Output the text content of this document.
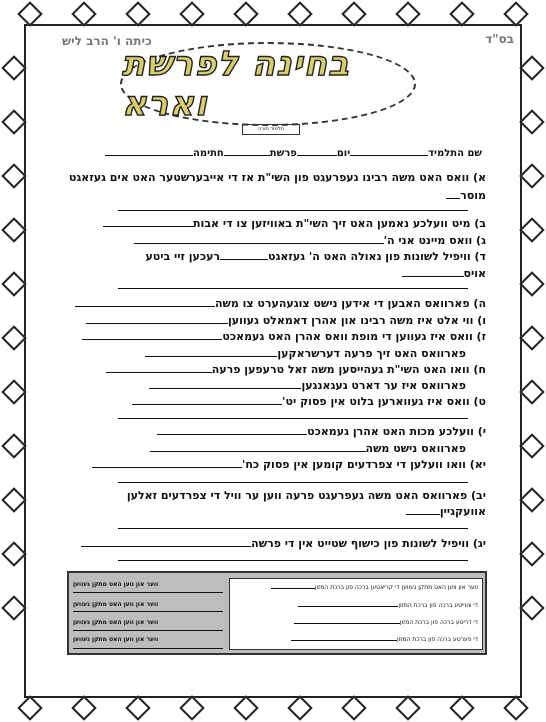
בס"ד
כיתה ו' הרב ליש
בחינה לפרשת וארא
תלמוד תורה
שם התלמידיוםפרשתחתימה
א) וואס האט משה רבינו געפרעגט פון השי"ת אז די אייבערשטער האט אים געזאגט
מוסר
ב) מיט וועלכע נאמען האט זיך השי"ת באוויזען צו די אבות
ג) וואס מיינט אני ה'
ד) וויפיל לשונות פון גאולה האט ה' געזאגטרעכען זיי ביטע
אויס
ה) פארוואס האבען די אידען נישט צוגעהערט צו משה
ו) ווי אלט איז משה רבינו און אהרן דאמאלט געווען
ז) וואס איז געווען די מופת וואס אהרן האט געמאכט
פארוואס האט זיך פרעה דערשראקען
ח) וואו האט השי"ת געהייסען משה זאל טרעפען פרעה
פארוואס איז ער דארט געגאנגען
ט) וואס איז געווארען בלוט אין פסוק יט'
י) וועלכע מכות האט אהרן געמאכט
פארוואס נישט משה
יא) וואו וועלען די צפרדעים קומען אין פסוק כח'
יב) פארוואס האט משה געפרעגט פרעה ווען ער וויל די צפרדעים זאלען
אוועקגיין
יג) וויפיל לשונות פון כישוף שטייט אין די פרשה
ווער און ווען האט מתקן געווען די קריאטען ברכה פון ברכת המזון
די צווייטע ברכה פון ברכת המזון
די דריטע ברכה פון ברכת המזון
די פערטע ברכה פון ברכת המזון
ווער און ווען האט מתקן געווען
ווער און ווען האט מתקן געווען
ווער און ווען האט מתקן געווען
ווער און ווען האט מתקן געווען
